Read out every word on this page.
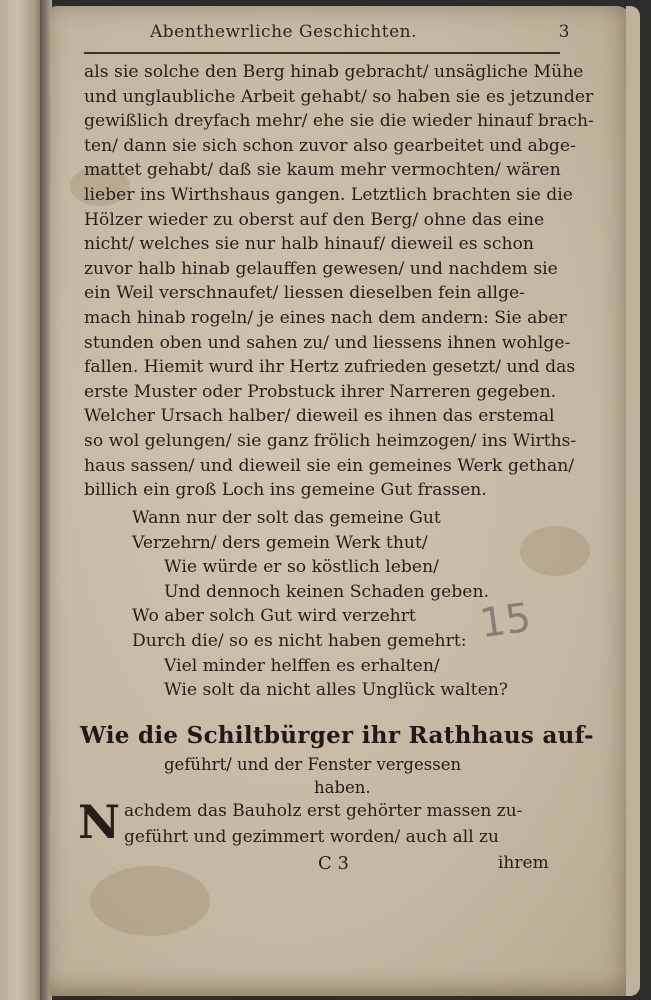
Abenthewrliche Geschichten.	3
als sie solche den Berg hinab gebracht/ unsägliche Mühe
und unglaubliche Arbeit gehabt/ so haben sie es jetzunder
gewißlich dreyfach mehr/ ehe sie die wieder hinauf brach-
ten/ dann sie sich schon zuvor also gearbeitet und abge-
mattet gehabt/ daß sie kaum mehr vermochten/ wären
lieber ins Wirthshaus gangen. Letztlich brachten sie die
Hölzer wieder zu oberst auf den Berg/ ohne das eine
nicht/ welches sie nur halb hinauf/ dieweil es schon
zuvor halb hinab gelauffen gewesen/ und nachdem sie
ein Weil verschnaufet/ liessen dieselben fein allge-
mach hinab rogeln/ je eines nach dem andern: Sie aber
stunden oben und sahen zu/ und liessens ihnen wohlge-
fallen. Hiemit wurd ihr Hertz zufrieden gesetzt/ und das
erste Muster oder Probstuck ihrer Narreren gegeben.
Welcher Ursach halber/ dieweil es ihnen das erstemal
so wol gelungen/ sie ganz frölich heimzogen/ ins Wirths-
haus sassen/ und dieweil sie ein gemeines Werk gethan/
billich ein groß Loch ins gemeine Gut frassen.
Wann nur der solt das gemeine Gut
Verzehrn/ ders gemein Werk thut/
Wie würde er so köstlich leben/
Und dennoch keinen Schaden geben.
Wo aber solch Gut wird verzehrt
Durch die/ so es nicht haben gemehrt:
Viel minder helffen es erhalten/
Wie solt da nicht alles Unglück walten?
15
Wie die Schiltbürger ihr Rathhaus auf-
geführt/ und der Fenster vergessen
haben.
N achdem das Bauholz erst gehörter massen zu-
geführt und gezimmert worden/ auch all zu
C 3	ihrem
